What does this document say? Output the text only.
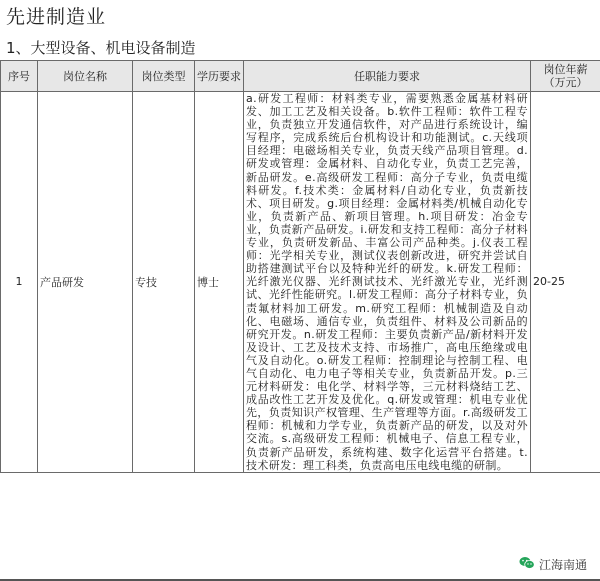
先进制造业
1、大型设备、机电设备制造
序号	岗位名称	岗位类型	学历要求	任职能力要求	岗位年薪（万元）
1	产品研发	专技	博士	a.研发工程师：材料类专业，需要熟悉金属基材料研发、加工工艺及相关设备。b.软件工程师：软件工程专业，负责独立开发通信软件，对产品进行系统设计，编写程序，完成系统后台机构设计和功能测试。c.天线项目经理：电磁场相关专业，负责天线产品项目管理。d.研发或管理：金属材料、自动化专业，负责工艺完善，新品研发。e.高级研发工程师：高分子专业，负责电缆料研发。f.技术类：金属材料/自动化专业，负责新技术、项目研发。g.项目经理：金属材料类/机械自动化专业，负责新产品、新项目管理。h.项目研发：冶金专业，负责新产品研发。i.研发和支持工程师：高分子材料专业，负责研发新品、丰富公司产品种类。j.仪表工程师：光学相关专业，测试仪表创新改进，研究并尝试自助搭建测试平台以及特种光纤的研发。k.研发工程师：光纤激光仪器、光纤测试技术、光纤激光专业，光纤测试、光纤性能研究。l.研发工程师：高分子材料专业，负责氟材料加工研发。m.研究工程师：机械制造及自动化、电磁场、通信专业，负责组件、材料及公司新品的研究开发。n.研发工程师：主要负责新产品/新材料开发及设计、工艺及技术支持、市场推广，高电压绝缘或电气及自动化。o.研发工程师：控制理论与控制工程、电气自动化、电力电子等相关专业，负责新品开发。p.三元材料研发：电化学、材料学等，三元材料烧结工艺、成品改性工艺开发及优化。q.研发或管理：机电专业优先，负责知识产权管理、生产管理等方面。r.高级研发工程师：机械和力学专业，负责新产品的研发，以及对外交流。s.高级研发工程师：机械电子、信息工程专业，负责新产品研发，系统构建、数字化运营平台搭建。t.技术研发：理工科类，负责高电压电线电缆的研制。	20-25
江海南通
